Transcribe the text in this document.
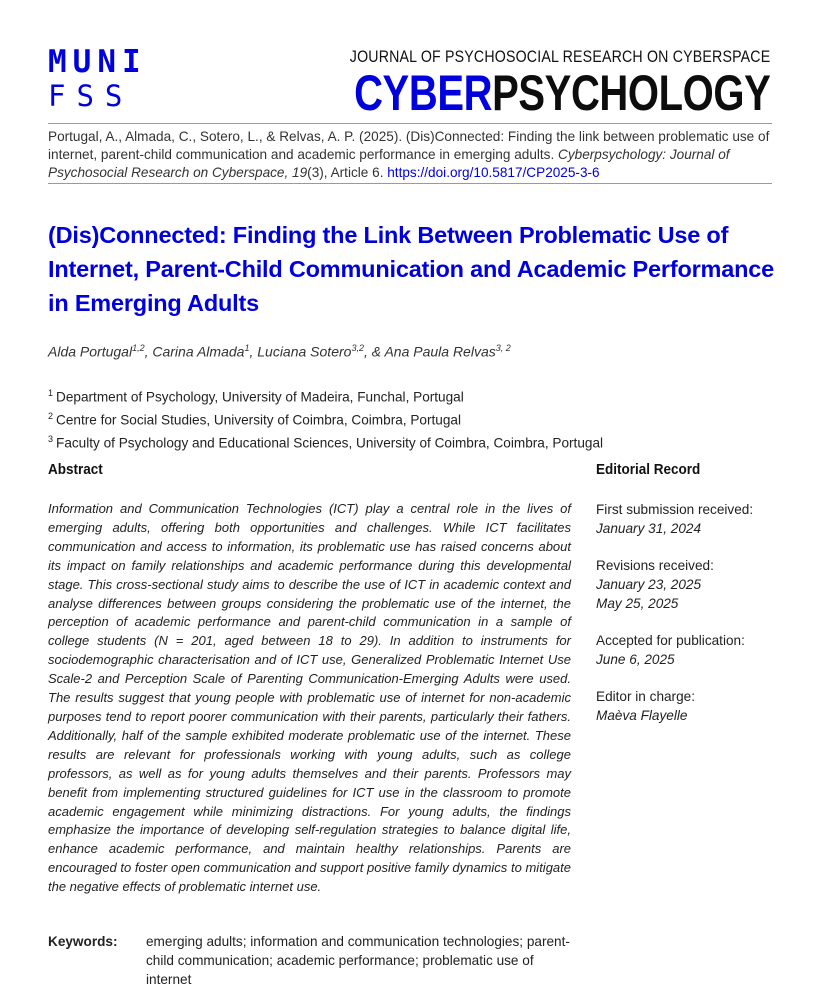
MUNI
FSS
JOURNAL OF PSYCHOSOCIAL RESEARCH ON CYBERSPACE
CYBERPSYCHOLOGY
Portugal, A., Almada, C., Sotero, L., & Relvas, A. P. (2025). (Dis)Connected: Finding the link between problematic use of internet, parent-child communication and academic performance in emerging adults. Cyberpsychology: Journal of Psychosocial Research on Cyberspace, 19(3), Article 6. https://doi.org/10.5817/CP2025-3-6
(Dis)Connected: Finding the Link Between Problematic Use of Internet, Parent-Child Communication and Academic Performance in Emerging Adults
Alda Portugal$^{1,2}$, Carina Almada$^1$, Luciana Sotero$^{3,2}$, & Ana Paula Relvas$^{3, 2}$
$^1$ Department of Psychology, University of Madeira, Funchal, Portugal
$^2$ Centre for Social Studies, University of Coimbra, Coimbra, Portugal
$^3$ Faculty of Psychology and Educational Sciences, University of Coimbra, Coimbra, Portugal
Abstract
Information and Communication Technologies (ICT) play a central role in the lives of emerging adults, offering both opportunities and challenges. While ICT facilitates communication and access to information, its problematic use has raised concerns about its impact on family relationships and academic performance during this developmental stage. This cross-sectional study aims to describe the use of ICT in academic context and analyse differences between groups considering the problematic use of the internet, the perception of academic performance and parent-child communication in a sample of college students (N = 201, aged between 18 to 29). In addition to instruments for sociodemographic characterisation and of ICT use, Generalized Problematic Internet Use Scale-2 and Perception Scale of Parenting Communication-Emerging Adults were used. The results suggest that young people with problematic use of internet for non-academic purposes tend to report poorer communication with their parents, particularly their fathers. Additionally, half of the sample exhibited moderate problematic use of the internet. These results are relevant for professionals working with young adults, such as college professors, as well as for young adults themselves and their parents. Professors may benefit from implementing structured guidelines for ICT use in the classroom to promote academic engagement while minimizing distractions. For young adults, the findings emphasize the importance of developing self-regulation strategies to balance digital life, enhance academic performance, and maintain healthy relationships. Parents are encouraged to foster open communication and support positive family dynamics to mitigate the negative effects of problematic internet use.
Editorial Record
First submission received:
January 31, 2024
Revisions received:
January 23, 2025
May 25, 2025
Accepted for publication:
June 6, 2025
Editor in charge:
Maèva Flayelle
Keywords: emerging adults; information and communication technologies; parent-child communication; academic performance; problematic use of internet
